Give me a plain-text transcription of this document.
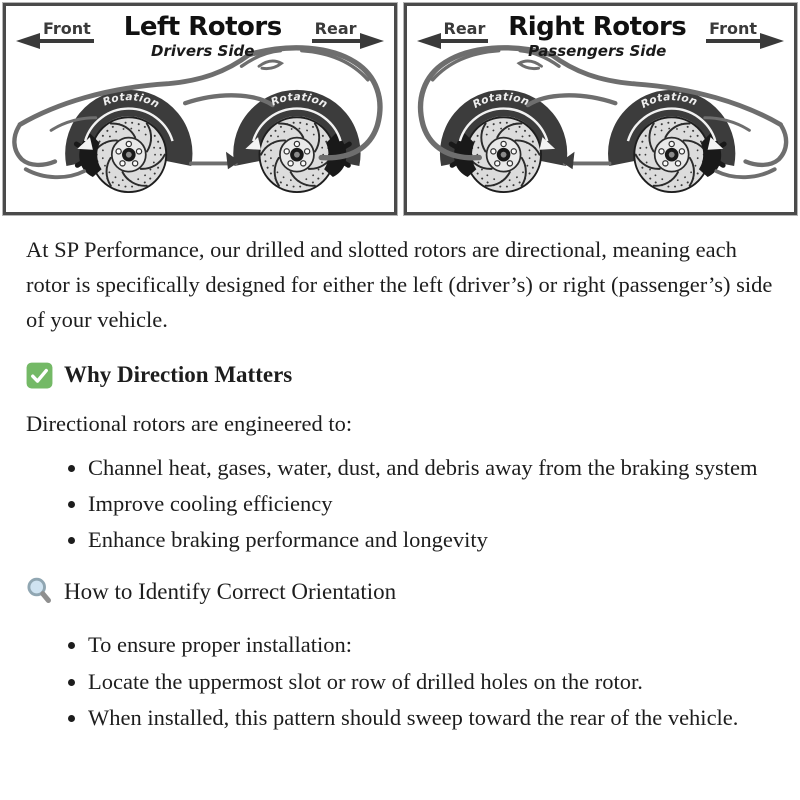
Front	Left Rotors
Drivers Side
Rear
Rotation	Rotation
Rear Right Rotors
Passengers Side
Front
Rotation	Rotation

At SP Performance, our drilled and slotted rotors are directional, meaning each rotor is specifically designed for either the left (driver’s) or right (passenger’s) side of your vehicle.

Why Direction Matters

Directional rotors are engineered to:

• Channel heat, gases, water, dust, and debris away from the braking system
• Improve cooling efficiency
• Enhance braking performance and longevity
How to Identify Correct Orientation
• To ensure proper installation:
• Locate the uppermost slot or row of drilled holes on the rotor.
• When installed, this pattern should sweep toward the rear of the vehicle.
